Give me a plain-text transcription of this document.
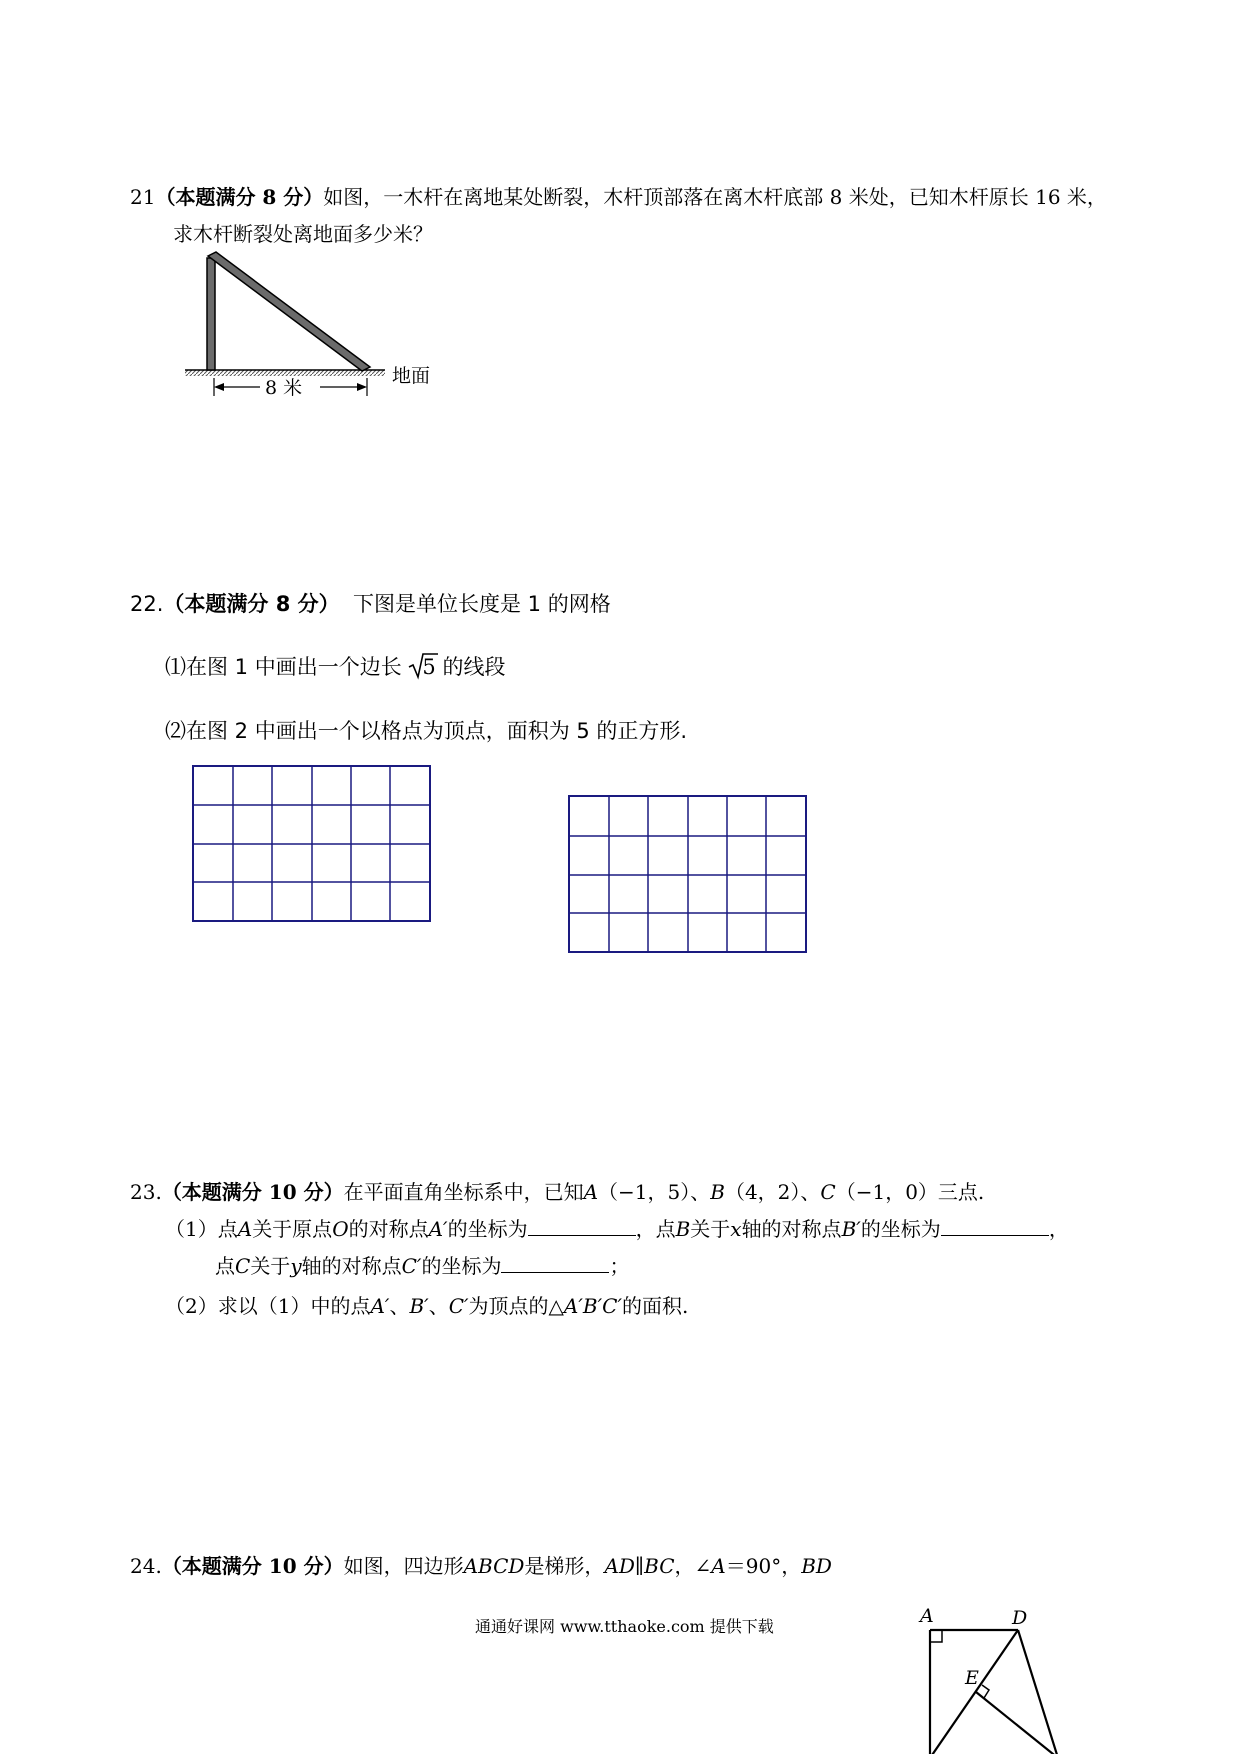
21（本题满分 8 分）如图，一木杆在离地某处断裂，木杆顶部落在离木杆底部 8 米处，已知木杆原长 16 米，
求木杆断裂处离地面多少米？
8 米
地面
22.（本题满分 8 分） 下图是单位长度是 1 的网格
⑴在图 1 中画出一个边长 5 的线段
⑵在图 2 中画出一个以格点为顶点，面积为 5 的正方形.
23.（本题满分 10 分）在平面直角坐标系中，已知A（−1，5）、B（4，2）、C（−1，0）三点.
（1）点A关于原点O的对称点A′的坐标为	，点B关于x轴的对称点B′的坐标为	，
点C关于y轴的对称点C′的坐标为	；
（2）求以（1）中的点A′、B′、C′为顶点的△A′B′C′的面积.
24.（本题满分 10 分）如图，四边形ABCD是梯形，AD∥BC，∠A＝90°，BD
A	D
E
通通好课网 www.tthaoke.com 提供下载
